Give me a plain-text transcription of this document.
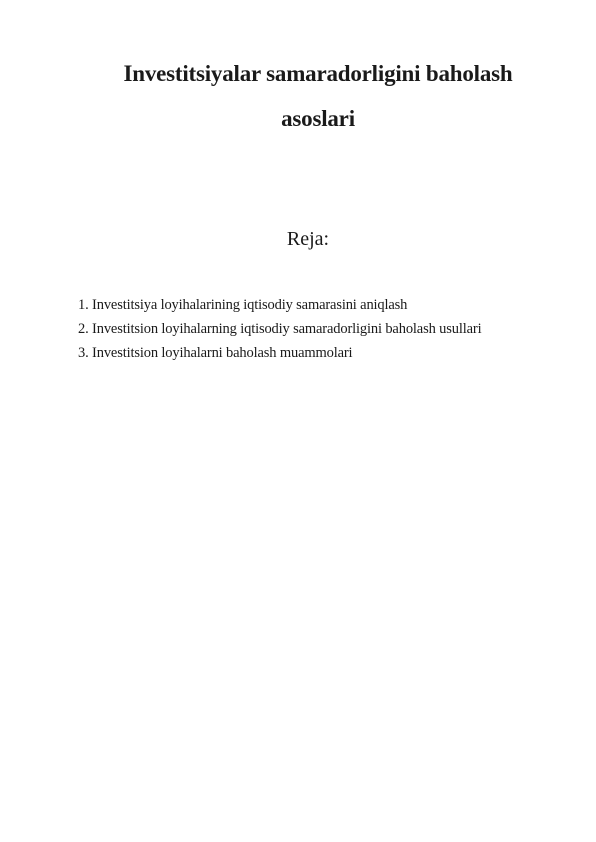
Investitsiyalar samaradorligini baholash
asoslari
Reja:
1. Investitsiya loyihalarining iqtisodiy samarasini aniqlash
2. Investitsion loyihalarning iqtisodiy samaradorligini baholash usullari
3. Investitsion loyihalarni baholash muammolari
